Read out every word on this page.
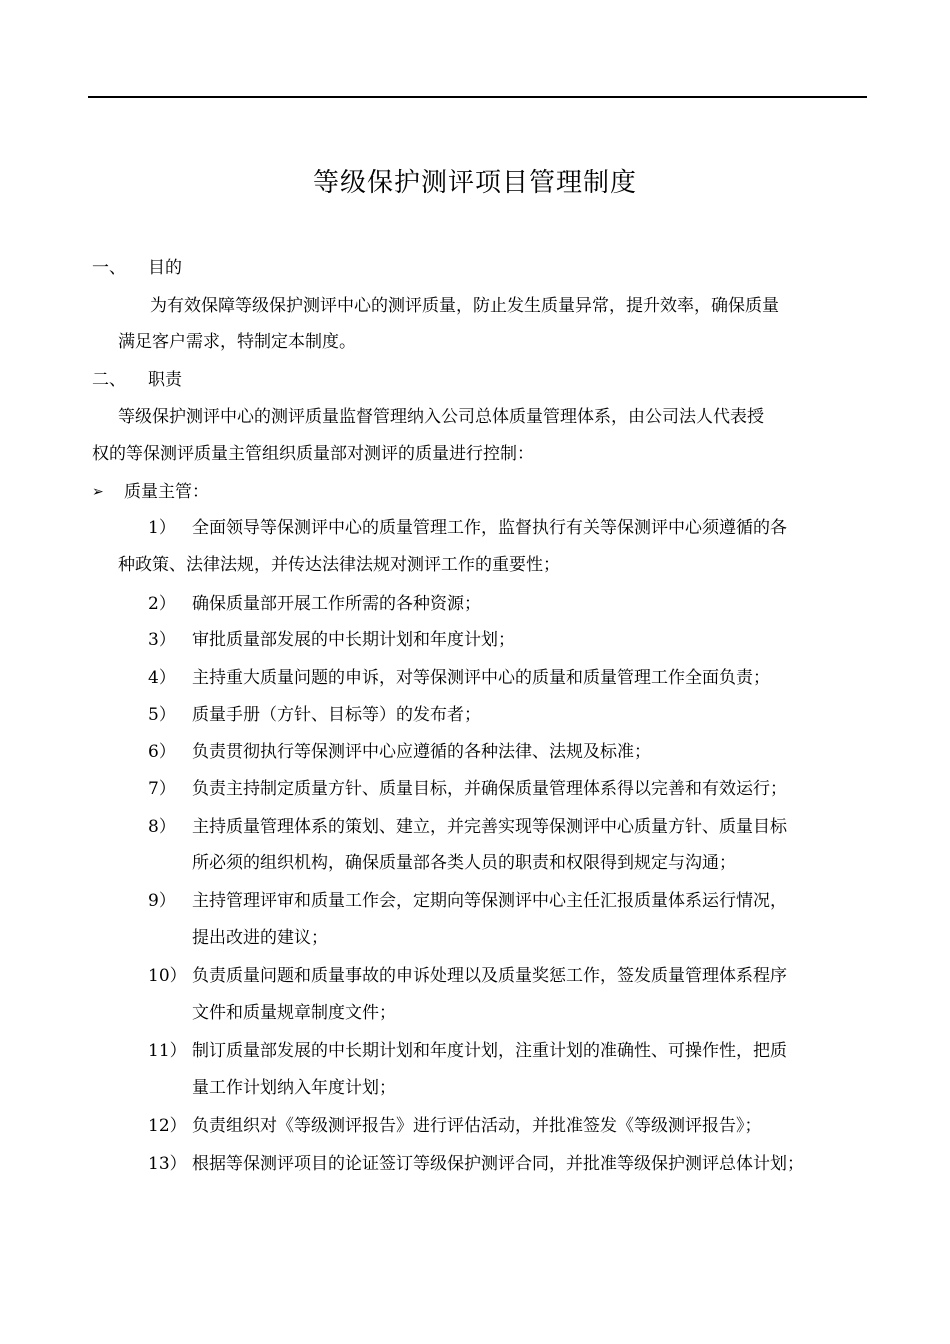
等级保护测评项目管理制度
一、 目的
为有效保障等级保护测评中心的测评质量，防止发生质量异常，提升效率，确保质量
满足客户需求，特制定本制度。
二、 职责
等级保护测评中心的测评质量监督管理纳入公司总体质量管理体系，由公司法人代表授
权的等保测评质量主管组织质量部对测评的质量进行控制：
➢ 质量主管：
1） 全面领导等保测评中心的质量管理工作，监督执行有关等保测评中心须遵循的各
种政策、法律法规，并传达法律法规对测评工作的重要性；
2） 确保质量部开展工作所需的各种资源；
3） 审批质量部发展的中长期计划和年度计划；
4） 主持重大质量问题的申诉，对等保测评中心的质量和质量管理工作全面负责；
5） 质量手册（方针、目标等）的发布者；
6） 负责贯彻执行等保测评中心应遵循的各种法律、法规及标准；
7） 负责主持制定质量方针、质量目标，并确保质量管理体系得以完善和有效运行；
8） 主持质量管理体系的策划、建立，并完善实现等保测评中心质量方针、质量目标
所必须的组织机构，确保质量部各类人员的职责和权限得到规定与沟通；
9） 主持管理评审和质量工作会，定期向等保测评中心主任汇报质量体系运行情况，
提出改进的建议；
10） 负责质量问题和质量事故的申诉处理以及质量奖惩工作，签发质量管理体系程序
文件和质量规章制度文件；
11） 制订质量部发展的中长期计划和年度计划，注重计划的准确性、可操作性，把质
量工作计划纳入年度计划；
12） 负责组织对《等级测评报告》进行评估活动，并批准签发《等级测评报告》；
13） 根据等保测评项目的论证签订等级保护测评合同，并批准等级保护测评总体计划；
